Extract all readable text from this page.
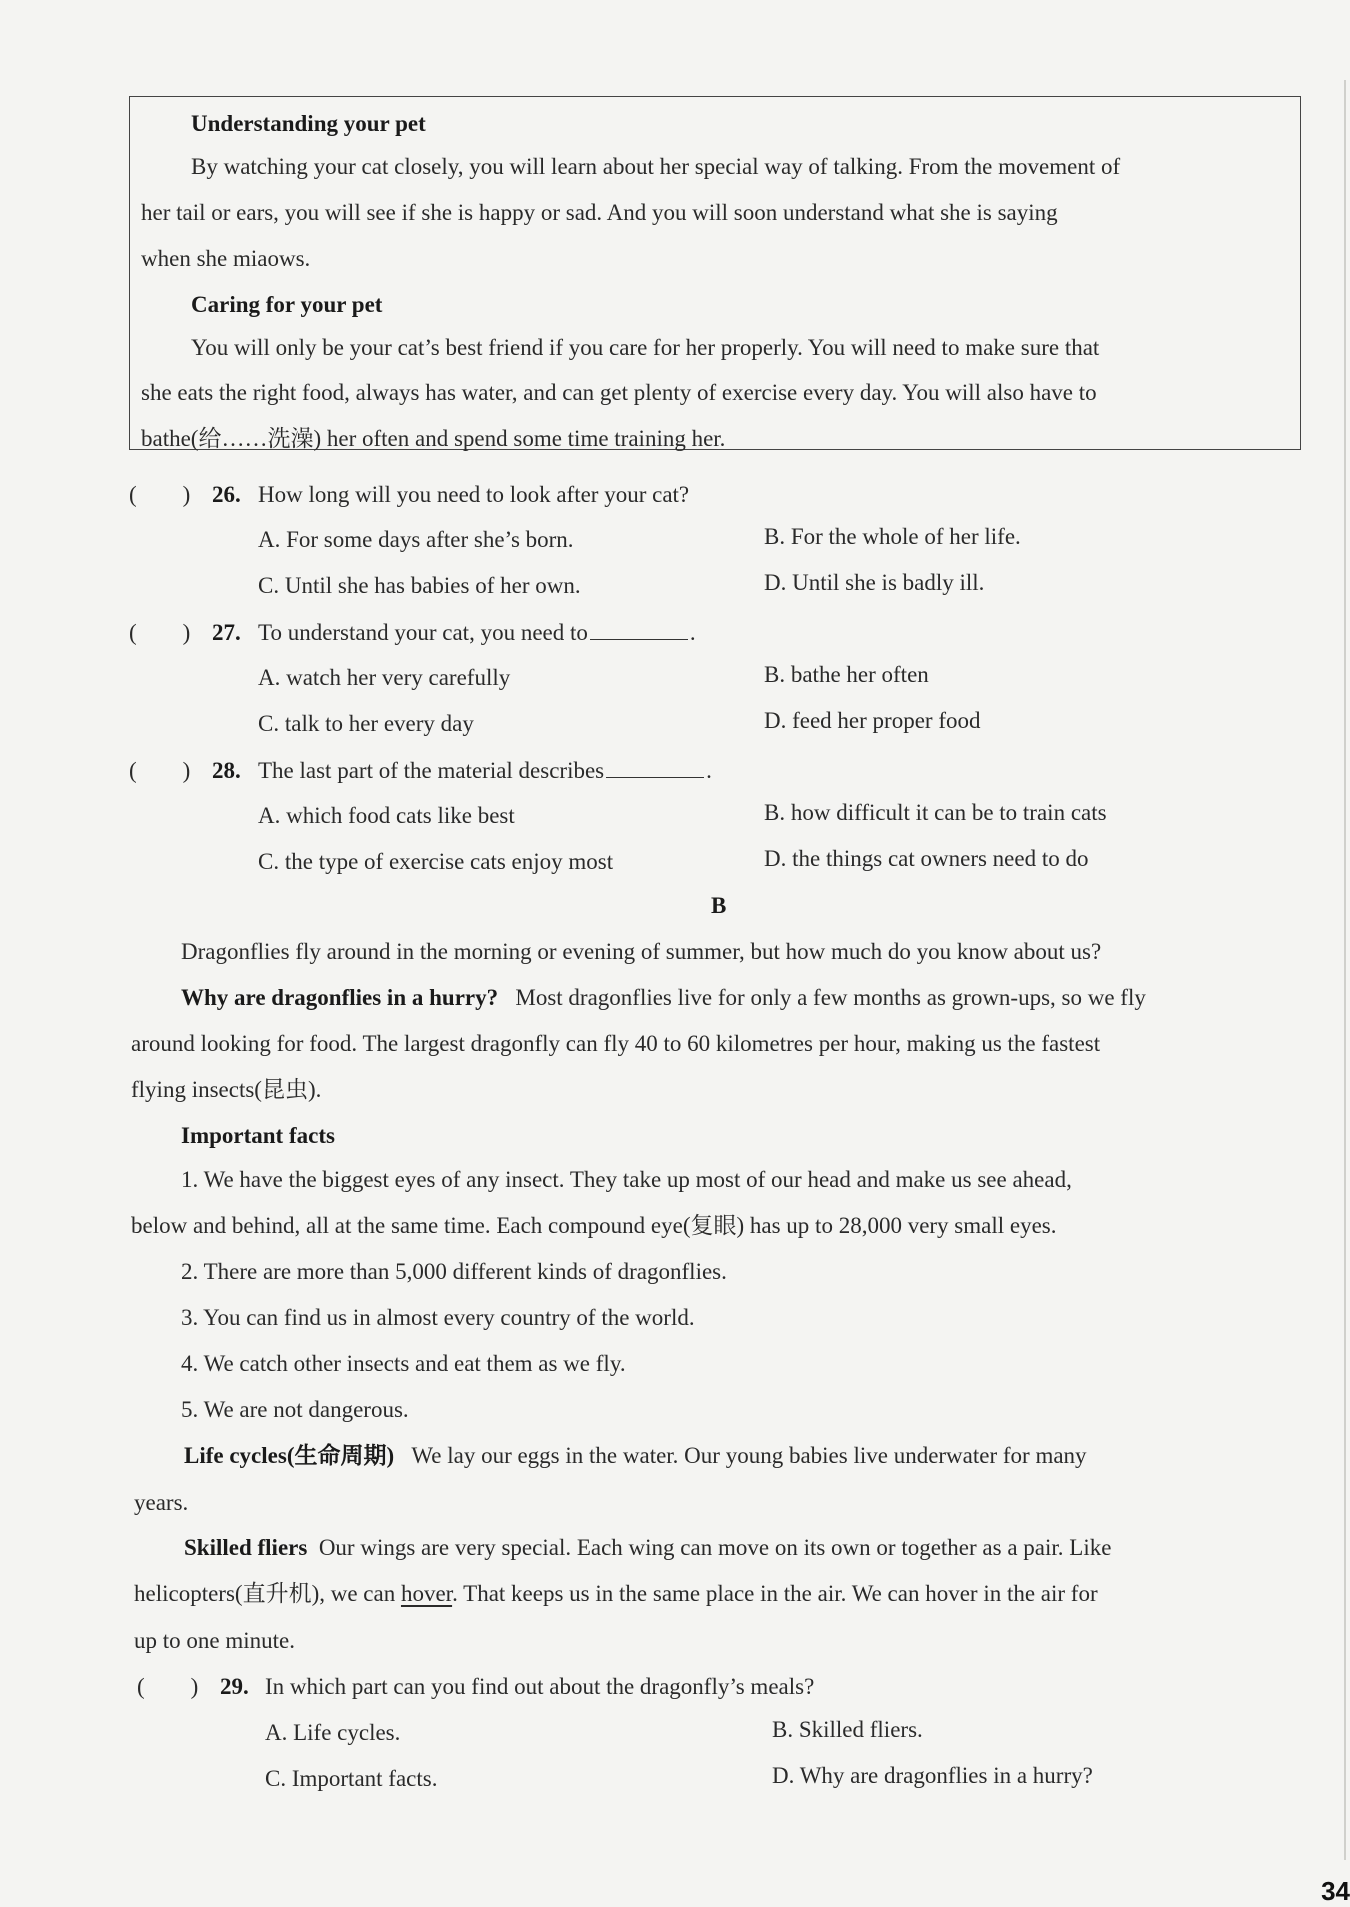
Understanding your pet
By watching your cat closely, you will learn about her special way of talking. From the movement of
her tail or ears, you will see if she is happy or sad. And you will soon understand what she is saying
when she miaows.
Caring for your pet
You will only be your cat’s best friend if you care for her properly. You will need to make sure that
she eats the right food, always has water, and can get plenty of exercise every day. You will also have to
bathe(给……洗澡) her often and spend some time training her.
(　　) 26. How long will you need to look after your cat?
A. For some days after she’s born.	B. For the whole of her life.
C. Until she has babies of her own.	D. Until she is badly ill.
(　　) 27. To understand your cat, you need to	.
A. watch her very carefully	B. bathe her often
C. talk to her every day	D. feed her proper food
(　　) 28. The last part of the material describes	.
A. which food cats like best	B. how difficult it can be to train cats
C. the type of exercise cats enjoy most	D. the things cat owners need to do
B
Dragonflies fly around in the morning or evening of summer, but how much do you know about us?
Why are dragonflies in a hurry? Most dragonflies live for only a few months as grown-ups, so we fly
around looking for food. The largest dragonfly can fly 40 to 60 kilometres per hour, making us the fastest
flying insects(昆虫).
Important facts
1. We have the biggest eyes of any insect. They take up most of our head and make us see ahead,
below and behind, all at the same time. Each compound eye(复眼) has up to 28,000 very small eyes.
2. There are more than 5,000 different kinds of dragonflies.
3. You can find us in almost every country of the world.
4. We catch other insects and eat them as we fly.
5. We are not dangerous.
Life cycles(生命周期) We lay our eggs in the water. Our young babies live underwater for many
years.
Skilled fliers Our wings are very special. Each wing can move on its own or together as a pair. Like
helicopters(直升机), we can hover. That keeps us in the same place in the air. We can hover in the air for
up to one minute.
(　　) 29. In which part can you find out about the dragonfly’s meals?
A. Life cycles.	B. Skilled fliers.
C. Important facts.	D. Why are dragonflies in a hurry?
34
